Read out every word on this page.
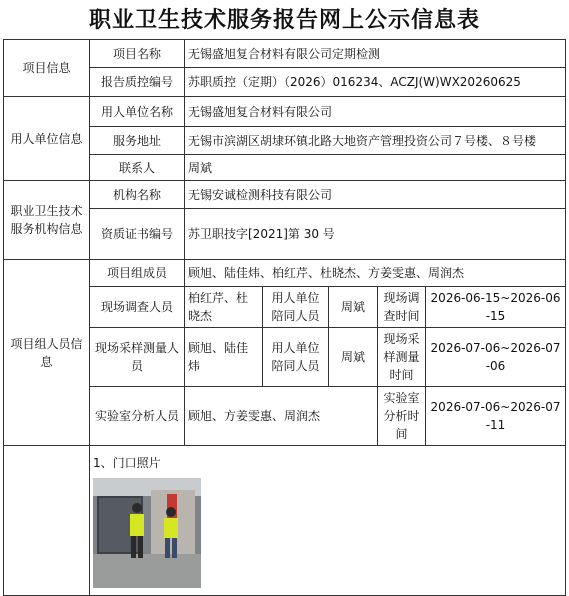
职业卫生技术服务报告网上公示信息表
项目信息	项目名称	无锡盛旭复合材料有限公司定期检测				
	报告质控编号	苏职质控（定期）（2026）016234、ACZJ(W)WX20260625				
用人单位信息	用人单位名称	无锡盛旭复合材料有限公司				
	服务地址	无锡市滨湖区胡埭环镇北路大地资产管理投资公司７号楼、８号楼				
	联系人	周斌				
职业卫生技术服务机构信息	机构名称	无锡安诚检测科技有限公司				
	资质证书编号	苏卫职技字[2021]第 30 号				
项目组人员信息	项目组成员	顾旭、陆佳炜、柏红芹、杜晓杰、方姜雯惠、周润杰				
	现场调查人员	柏红芹、杜晓杰	用人单位陪同人员	周斌	现场调查时间	2026-06-15~2026-06-15
	现场采样测量人员	顾旭、陆佳炜	用人单位陪同人员	周斌	现场采样测量时间	2026-07-06~2026-07-06
	实验室分析人员	顾旭、方姜雯惠、周润杰			实验室分析时间	2026-07-06~2026-07-11

	1、门口照片					
